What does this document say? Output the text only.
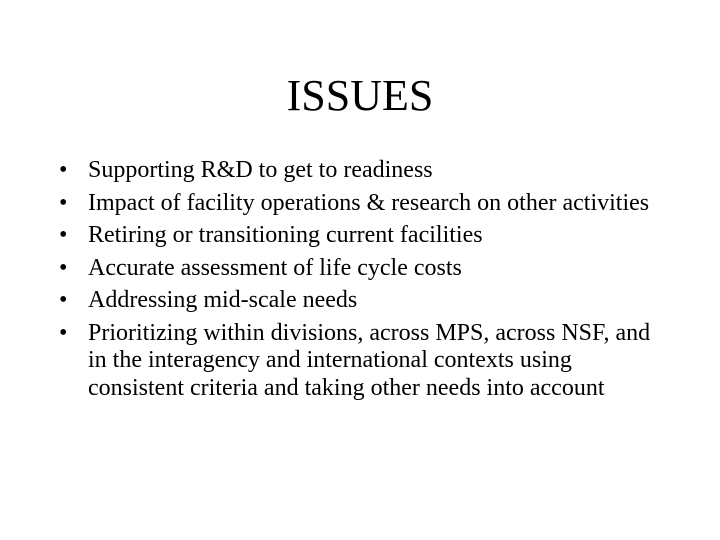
ISSUES
• Supporting R&D to get to readiness
• Impact of facility operations & research on other activities
• Retiring or transitioning current facilities
• Accurate assessment of life cycle costs
• Addressing mid-scale needs
• Prioritizing within divisions, across MPS, across NSF, and in the interagency and international contexts using consistent criteria and taking other needs into account
